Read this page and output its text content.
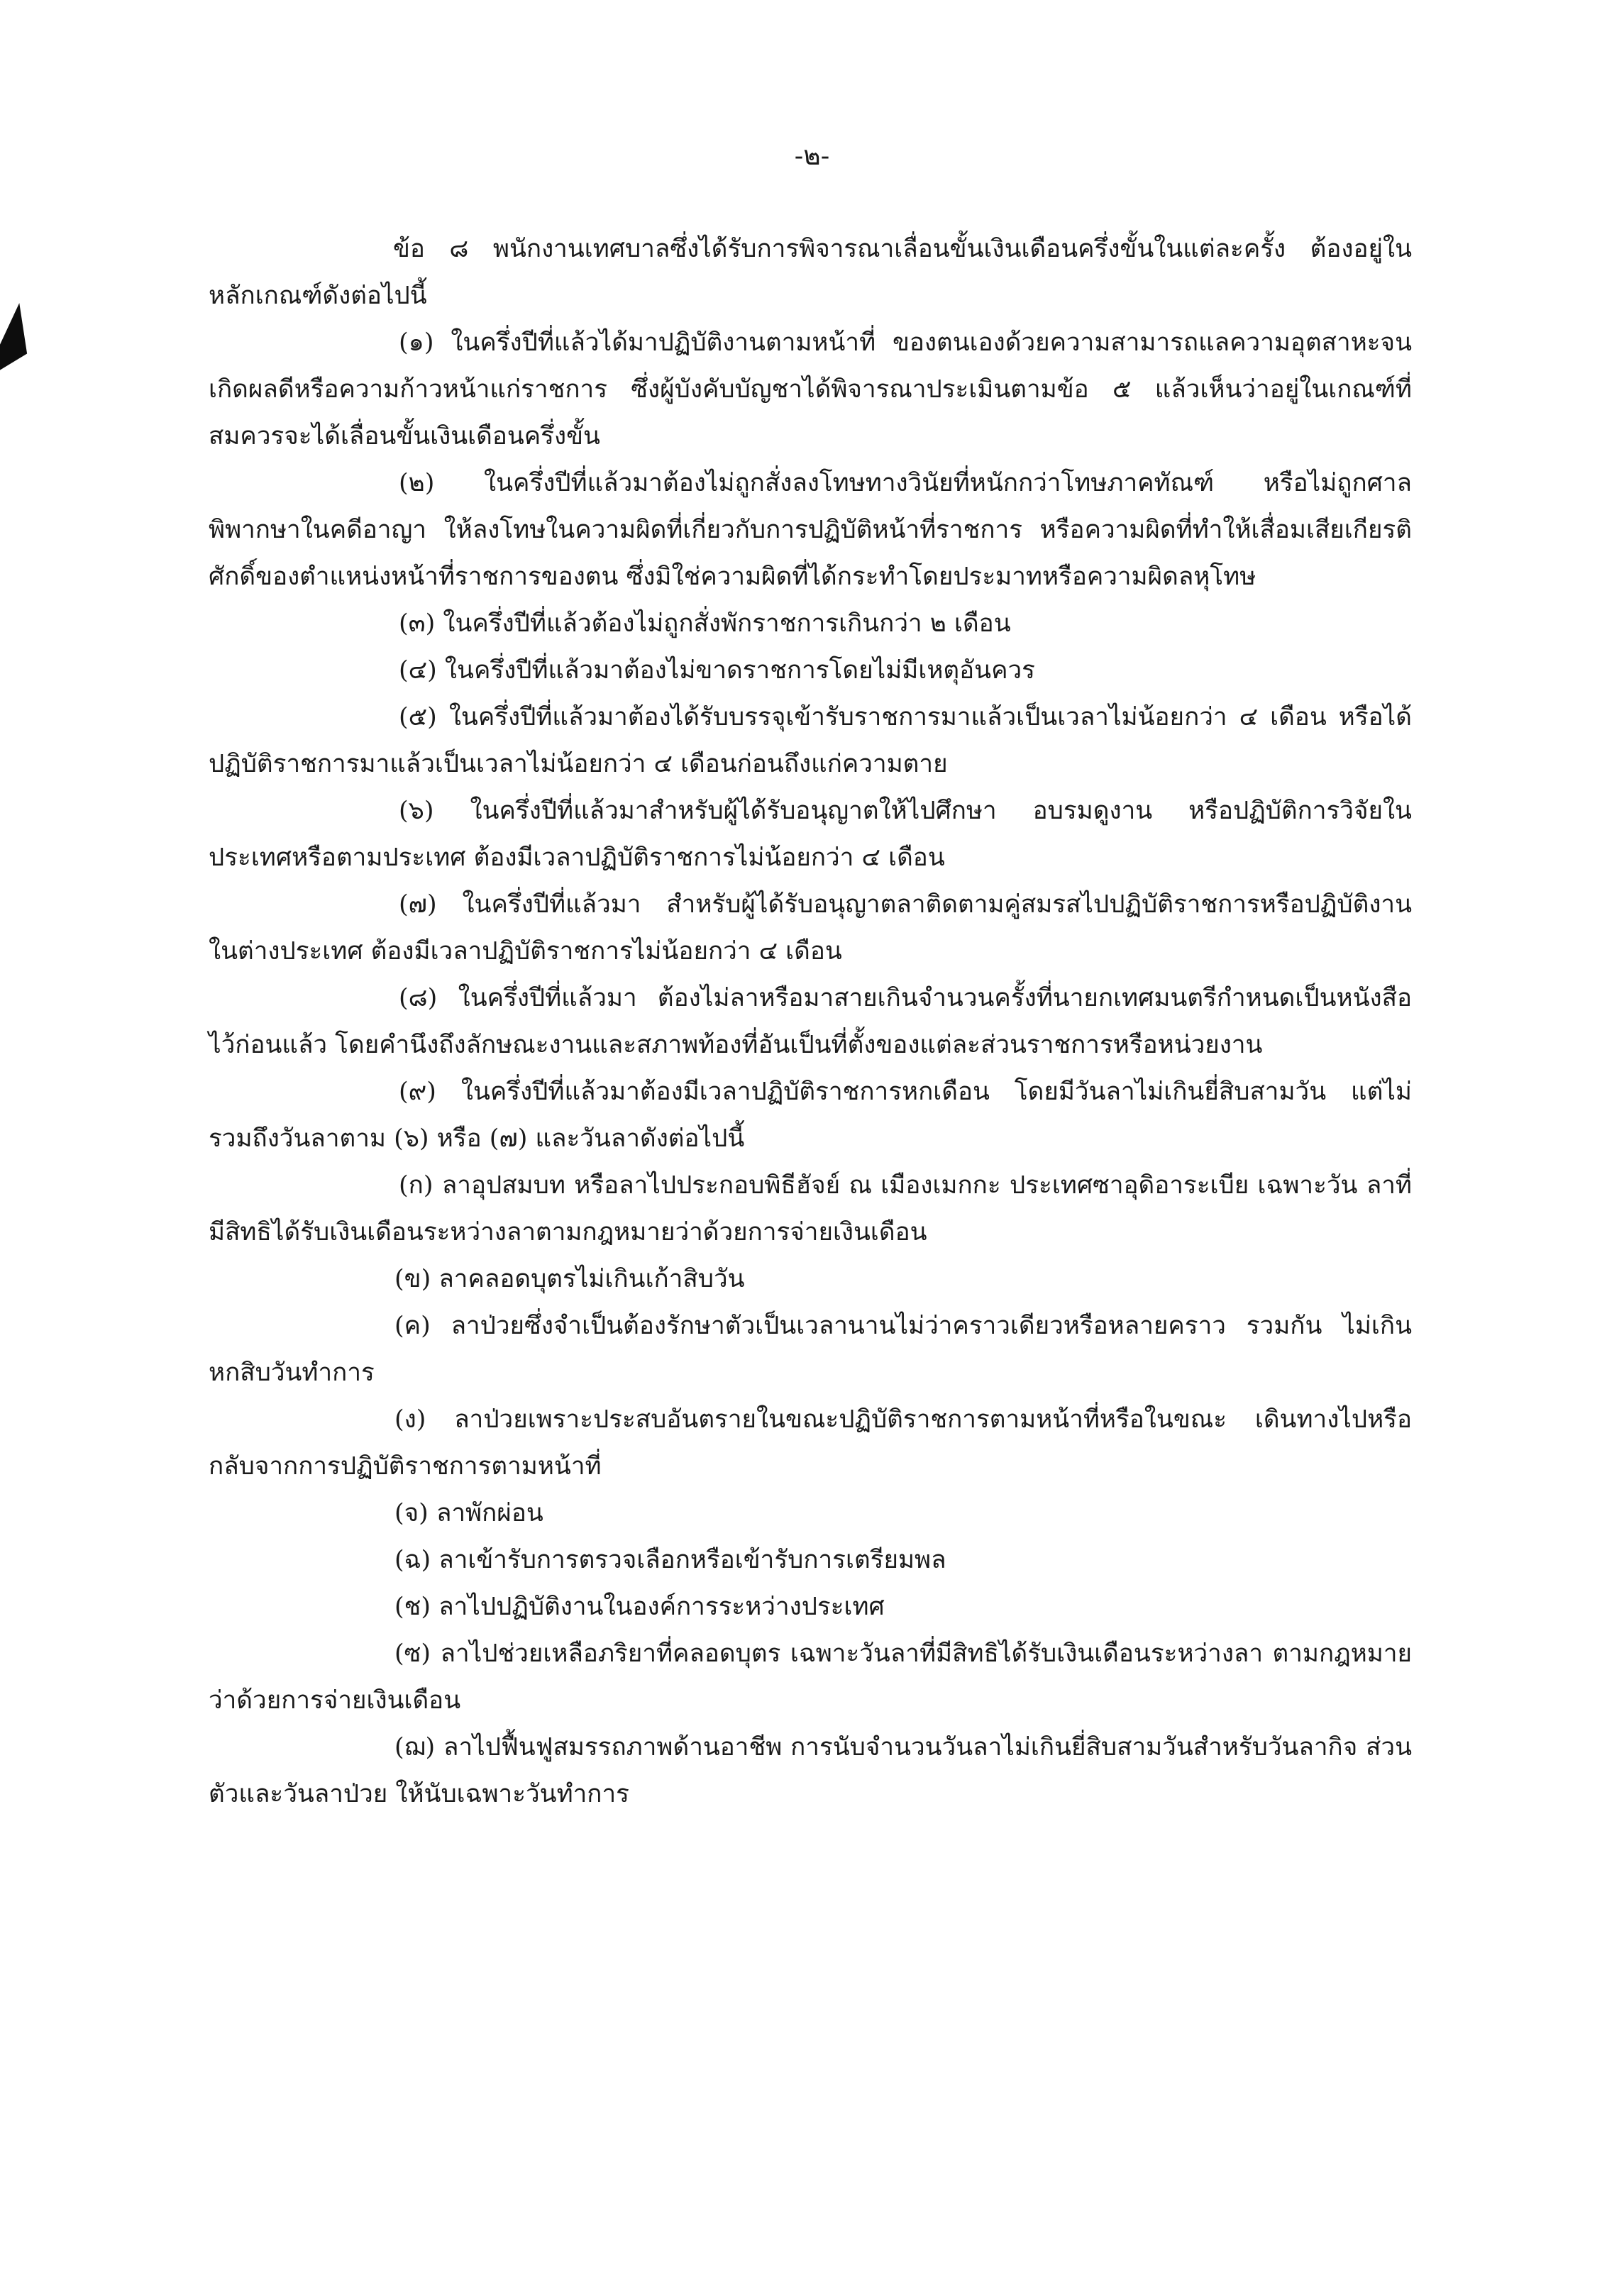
-๒-

ข้อ ๘ พนักงานเทศบาลซึ่งได้รับการพิจารณาเลื่อนขั้นเงินเดือนครึ่งขั้นในแต่ละครั้ง ต้องอยู่ใน หลักเกณฑ์ดังต่อไปนี้

(๑) ในครึ่งปีที่แล้วได้มาปฏิบัติงานตามหน้าที่ ของตนเองด้วยความสามารถแลความอุตสาหะจน เกิดผลดีหรือความก้าวหน้าแก่ราชการ ซึ่งผู้บังคับบัญชาได้พิจารณาประเมินตามข้อ ๕ แล้วเห็นว่าอยู่ในเกณฑ์ที่ สมควรจะได้เลื่อนขั้นเงินเดือนครึ่งขั้น

(๒) ในครึ่งปีที่แล้วมาต้องไม่ถูกสั่งลงโทษทางวินัยที่หนักกว่าโทษภาคทัณฑ์ หรือไม่ถูกศาล พิพากษาในคดีอาญา ให้ลงโทษในความผิดที่เกี่ยวกับการปฏิบัติหน้าที่ราชการ หรือความผิดที่ทำให้เสื่อมเสียเกียรติ ศักดิ์ของตำแหน่งหน้าที่ราชการของตน ซึ่งมิใช่ความผิดที่ได้กระทำโดยประมาทหรือความผิดลหุโทษ

(๓) ในครึ่งปีที่แล้วต้องไม่ถูกสั่งพักราชการเกินกว่า ๒ เดือน

(๔) ในครึ่งปีที่แล้วมาต้องไม่ขาดราชการโดยไม่มีเหตุอันควร

(๕) ในครึ่งปีที่แล้วมาต้องได้รับบรรจุเข้ารับราชการมาแล้วเป็นเวลาไม่น้อยกว่า ๔ เดือน หรือได้ ปฏิบัติราชการมาแล้วเป็นเวลาไม่น้อยกว่า ๔ เดือนก่อนถึงแก่ความตาย

(๖) ในครึ่งปีที่แล้วมาสำหรับผู้ได้รับอนุญาตให้ไปศึกษา อบรมดูงาน หรือปฏิบัติการวิจัยใน ประเทศหรือตามประเทศ ต้องมีเวลาปฏิบัติราชการไม่น้อยกว่า ๔ เดือน

(๗) ในครึ่งปีที่แล้วมา สำหรับผู้ได้รับอนุญาตลาติดตามคู่สมรสไปปฏิบัติราชการหรือปฏิบัติงาน ในต่างประเทศ ต้องมีเวลาปฏิบัติราชการไม่น้อยกว่า ๔ เดือน

(๘) ในครึ่งปีที่แล้วมา ต้องไม่ลาหรือมาสายเกินจำนวนครั้งที่นายกเทศมนตรีกำหนดเป็นหนังสือ ไว้ก่อนแล้ว โดยคำนึงถึงลักษณะงานและสภาพท้องที่อันเป็นที่ตั้งของแต่ละส่วนราชการหรือหน่วยงาน

(๙) ในครึ่งปีที่แล้วมาต้องมีเวลาปฏิบัติราชการหกเดือน โดยมีวันลาไม่เกินยี่สิบสามวัน แต่ไม่ รวมถึงวันลาตาม (๖) หรือ (๗) และวันลาดังต่อไปนี้

(ก) ลาอุปสมบท หรือลาไปประกอบพิธีฮัจย์ ณ เมืองเมกกะ ประเทศซาอุดิอาระเบีย เฉพาะวัน ลาที่มีสิทธิได้รับเงินเดือนระหว่างลาตามกฎหมายว่าด้วยการจ่ายเงินเดือน

(ข) ลาคลอดบุตรไม่เกินเก้าสิบวัน

(ค) ลาป่วยซึ่งจำเป็นต้องรักษาตัวเป็นเวลานานไม่ว่าคราวเดียวหรือหลายคราว รวมกัน ไม่เกิน หกสิบวันทำการ

(ง) ลาป่วยเพราะประสบอันตรายในขณะปฏิบัติราชการตามหน้าที่หรือในขณะ เดินทางไปหรือ กลับจากการปฏิบัติราชการตามหน้าที่

(จ) ลาพักผ่อน

(ฉ) ลาเข้ารับการตรวจเลือกหรือเข้ารับการเตรียมพล

(ช) ลาไปปฏิบัติงานในองค์การระหว่างประเทศ

(ซ) ลาไปช่วยเหลือภริยาที่คลอดบุตร เฉพาะวันลาที่มีสิทธิได้รับเงินเดือนระหว่างลา ตามกฎหมายว่าด้วยการจ่ายเงินเดือน

(ฌ) ลาไปฟื้นฟูสมรรถภาพด้านอาชีพ การนับจำนวนวันลาไม่เกินยี่สิบสามวันสำหรับวันลากิจ ส่วนตัวและวันลาป่วย ให้นับเฉพาะวันทำการ
